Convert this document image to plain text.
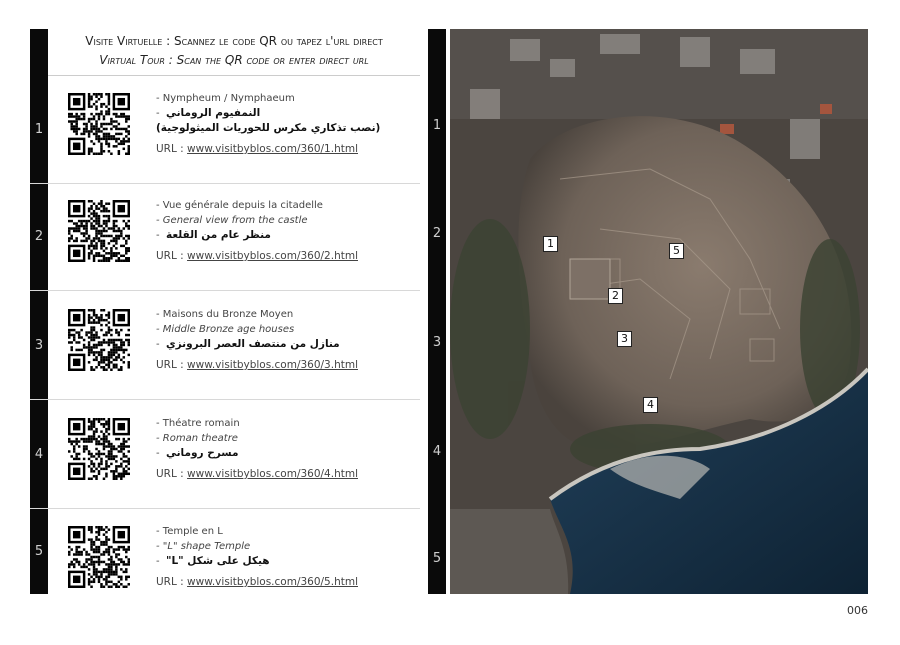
Visite Virtuelle : Scannez le code QR ou tapez l'url direct
Virtual Tour : Scan the QR code or enter direct url
1
- Nympheum / Nymphaeum
-
النمفيوم الروماني
(نصب تذكاري مكرس للحوريات الميثولوجية)
URL : www.visitbyblos.com/360/1.html
2
- Vue générale depuis la citadelle
- General view from the castle
-
منظر عام من القلعة
URL : www.visitbyblos.com/360/2.html
3
- Maisons du Bronze Moyen
- Middle Bronze age houses
-
منازل من منتصف العصر البرونزي
URL : www.visitbyblos.com/360/3.html
4
- Théatre romain
- Roman theatre
-
مسرح روماني
URL : www.visitbyblos.com/360/4.html
5
- Temple en L
- "L" shape Temple
-
هيكل على شكل "L"
URL : www.visitbyblos.com/360/5.html
1
2
3
4
5
1
2
3
4
5
006
